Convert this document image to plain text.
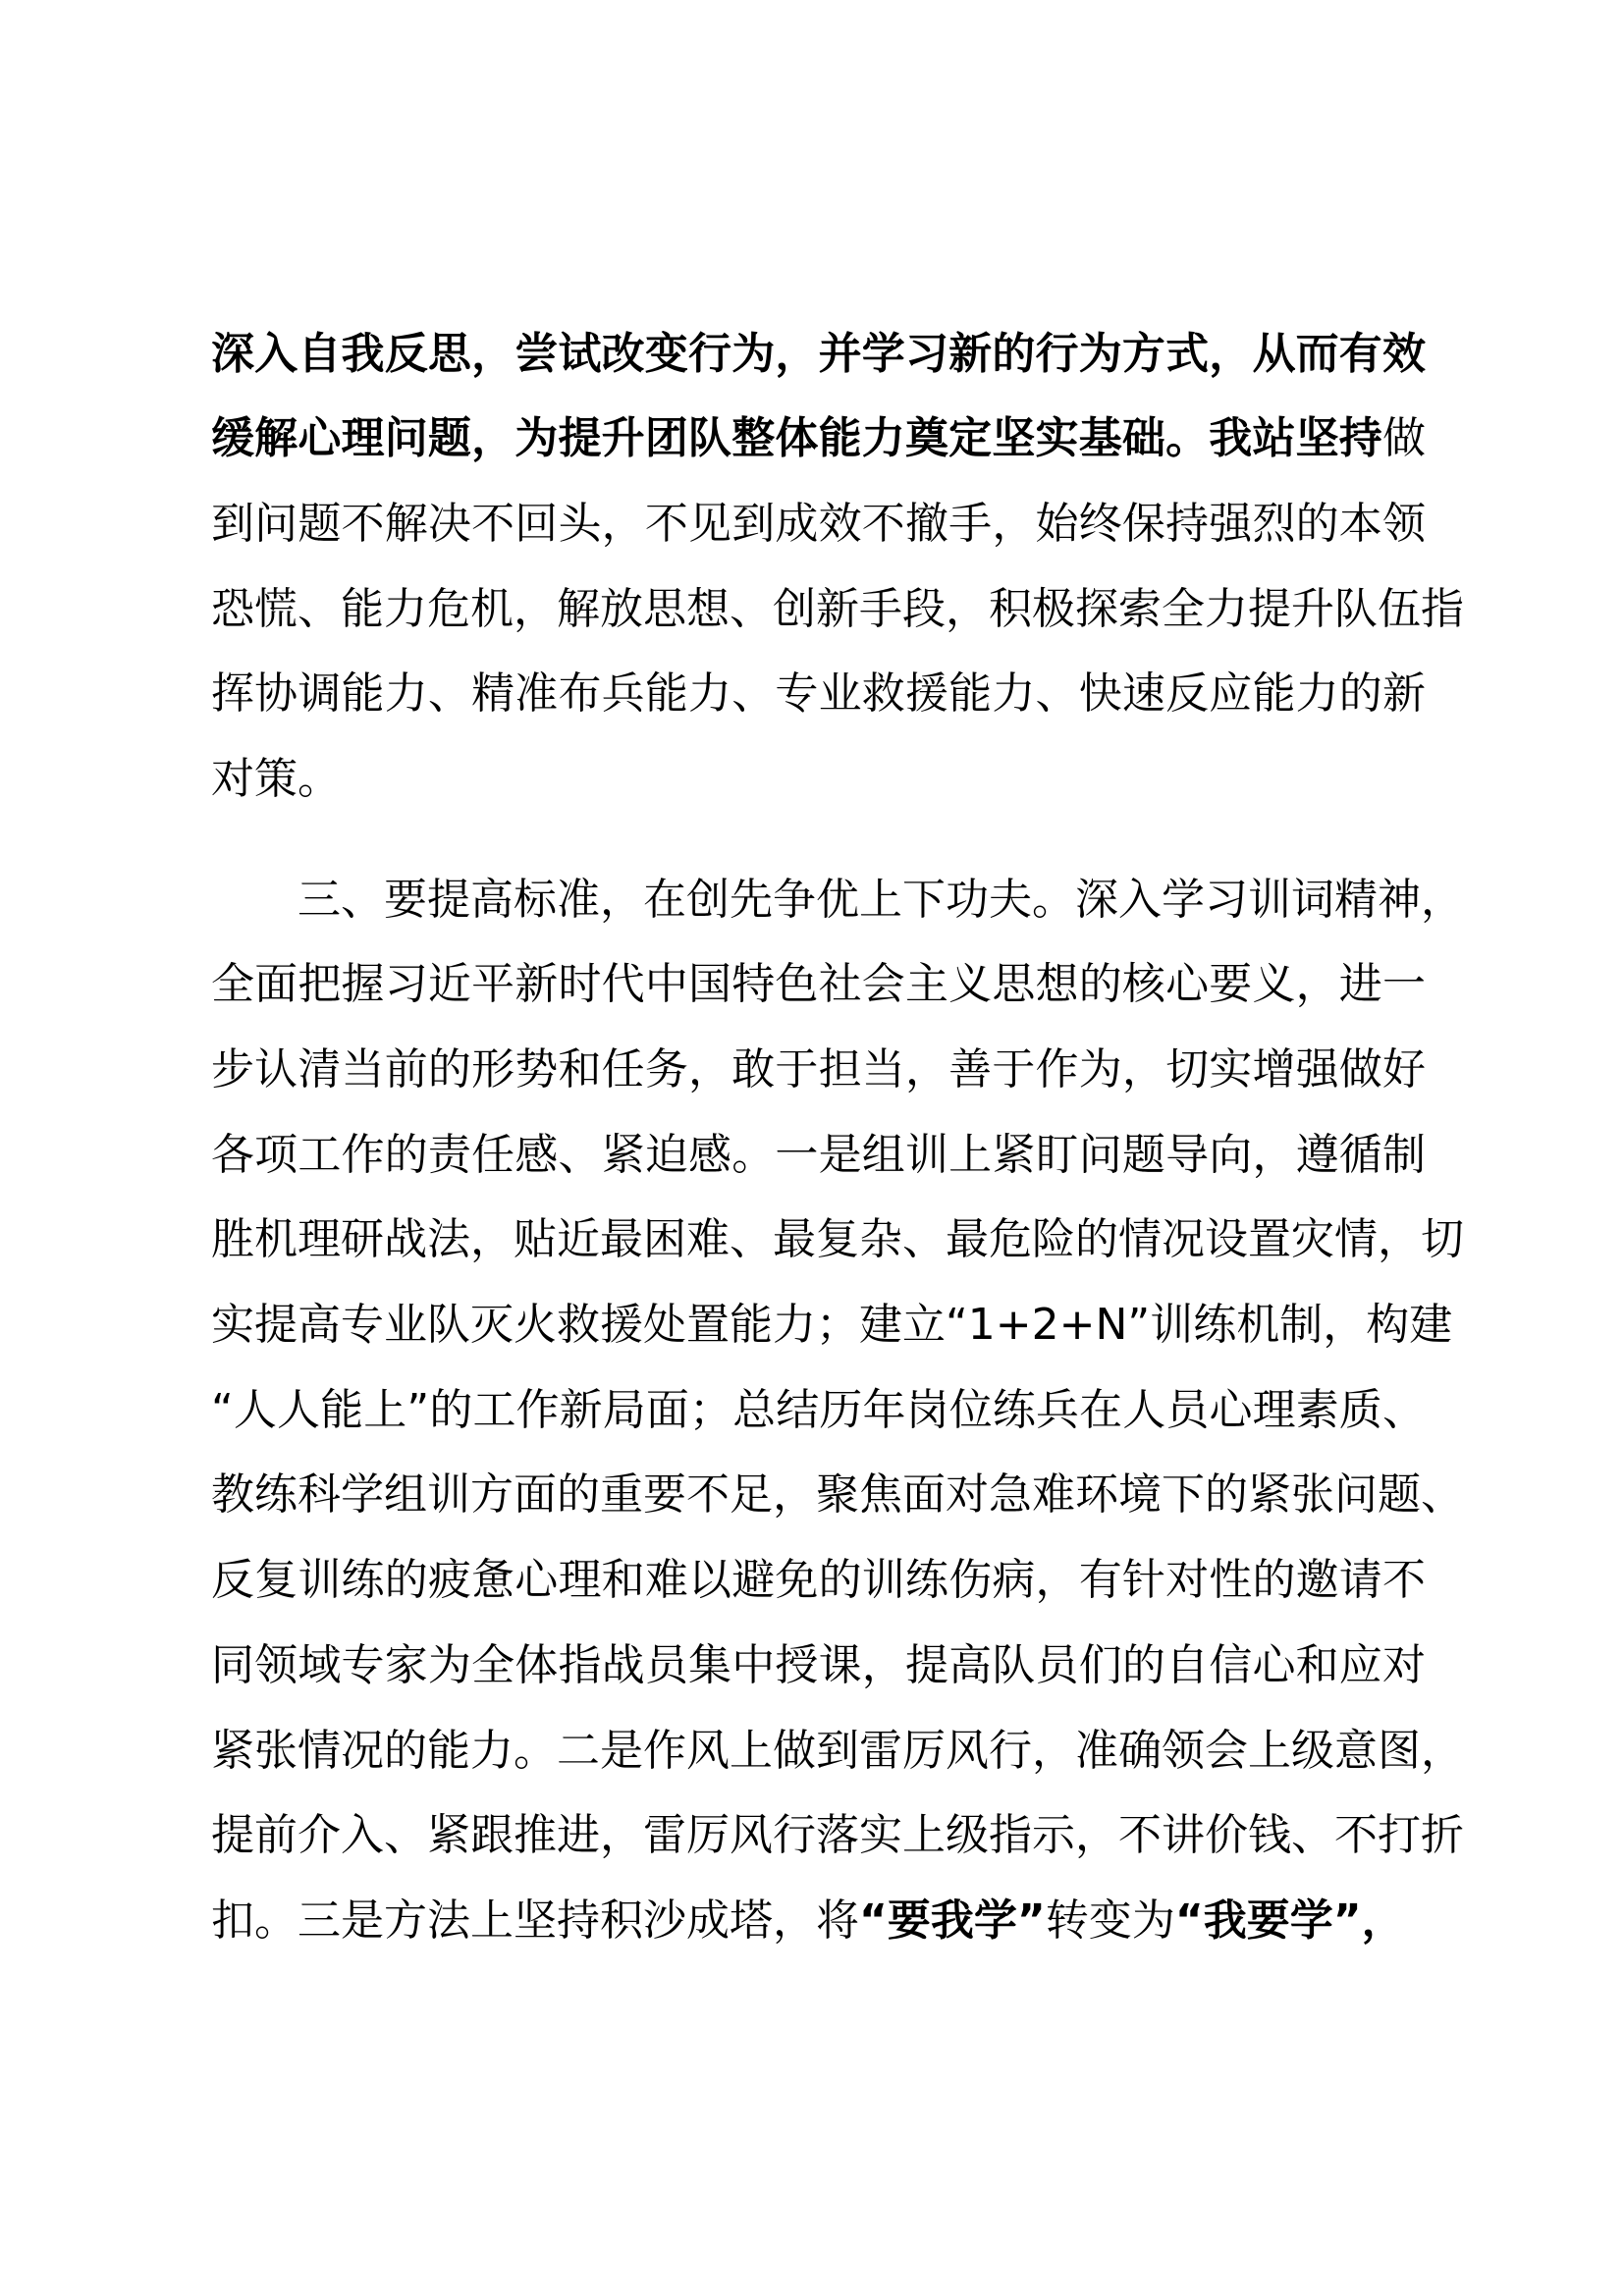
深入自我反思，尝试改变行为，并学习新的行为方式，从而有效
缓解心理问题，为提升团队整体能力奠定坚实基础。我站坚持做
到问题不解决不回头，不见到成效不撤手，始终保持强烈的本领
恐慌、能力危机，解放思想、创新手段，积极探索全力提升队伍指
挥协调能力、精准布兵能力、专业救援能力、快速反应能力的新
对策。
三、要提高标准，在创先争优上下功夫。深入学习训词精神，
全面把握习近平新时代中国特色社会主义思想的核心要义，进一
步认清当前的形势和任务，敢于担当，善于作为，切实增强做好
各项工作的责任感、紧迫感。一是组训上紧盯问题导向，遵循制
胜机理研战法，贴近最困难、最复杂、最危险的情况设置灾情，切
实提高专业队灭火救援处置能力；建立“1+2+N”训练机制，构建
“人人能上”的工作新局面；总结历年岗位练兵在人员心理素质、
教练科学组训方面的重要不足，聚焦面对急难环境下的紧张问题、
反复训练的疲惫心理和难以避免的训练伤病，有针对性的邀请不
同领域专家为全体指战员集中授课，提高队员们的自信心和应对
紧张情况的能力。二是作风上做到雷厉风行，准确领会上级意图，
提前介入、紧跟推进，雷厉风行落实上级指示，不讲价钱、不打折
扣。三是方法上坚持积沙成塔，将“要我学”转变为“我要学”，
